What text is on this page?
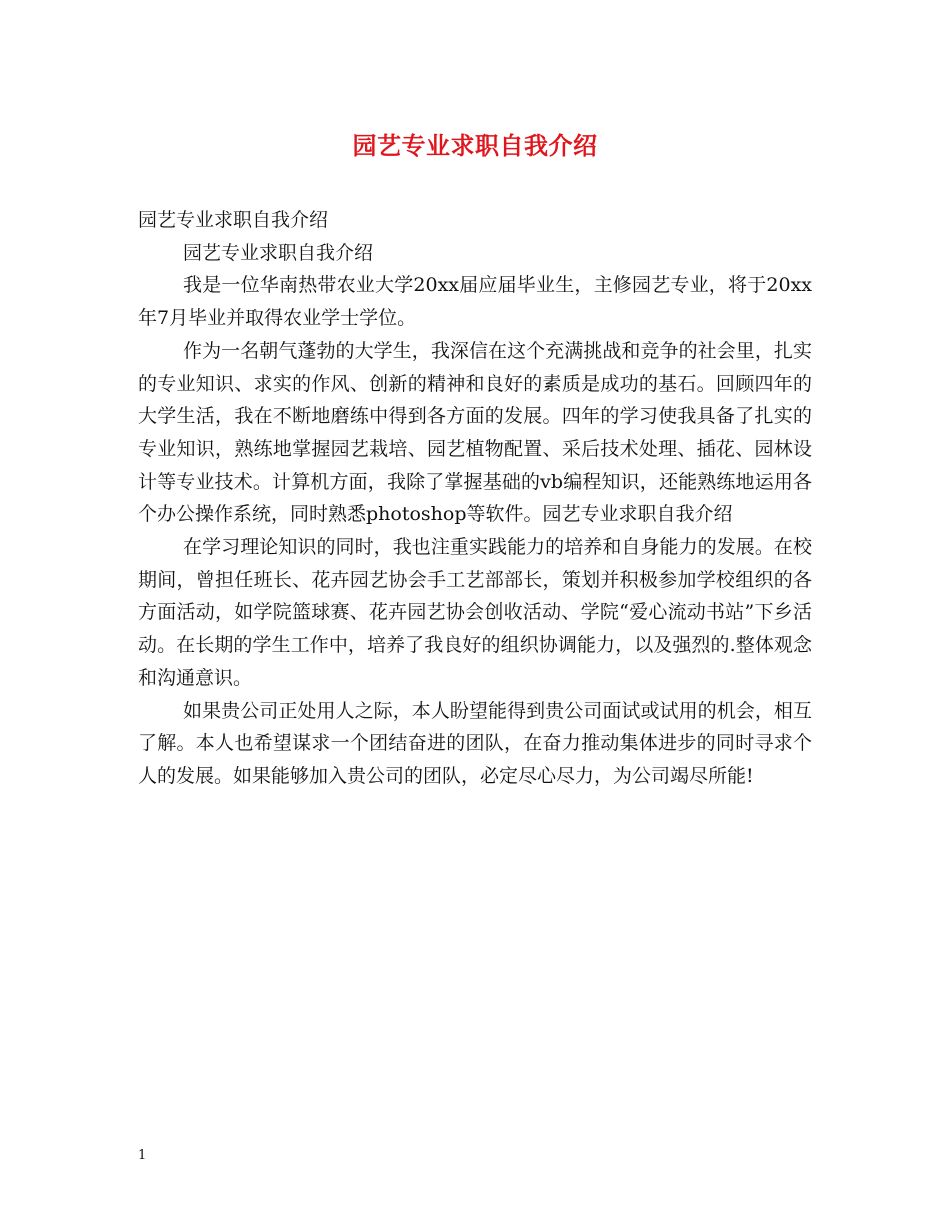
园艺专业求职自我介绍

园艺专业求职自我介绍

园艺专业求职自我介绍

我是一位华南热带农业大学20xx届应届毕业生，主修园艺专业，将于20xx年7月毕业并取得农业学士学位。

作为一名朝气蓬勃的大学生，我深信在这个充满挑战和竞争的社会里，扎实的专业知识、求实的作风、创新的精神和良好的素质是成功的基石。回顾四年的大学生活，我在不断地磨练中得到各方面的发展。四年的学习使我具备了扎实的专业知识，熟练地掌握园艺栽培、园艺植物配置、采后技术处理、插花、园林设计等专业技术。计算机方面，我除了掌握基础的vb编程知识，还能熟练地运用各个办公操作系统，同时熟悉photoshop等软件。园艺专业求职自我介绍

在学习理论知识的同时，我也注重实践能力的培养和自身能力的发展。在校期间，曾担任班长、花卉园艺协会手工艺部部长，策划并积极参加学校组织的各方面活动，如学院篮球赛、花卉园艺协会创收活动、学院“爱心流动书站”下乡活动。在长期的学生工作中，培养了我良好的组织协调能力，以及强烈的.整体观念和沟通意识。

如果贵公司正处用人之际，本人盼望能得到贵公司面试或试用的机会，相互了解。本人也希望谋求一个团结奋进的团队，在奋力推动集体进步的同时寻求个人的发展。如果能够加入贵公司的团队，必定尽心尽力，为公司竭尽所能!

1
